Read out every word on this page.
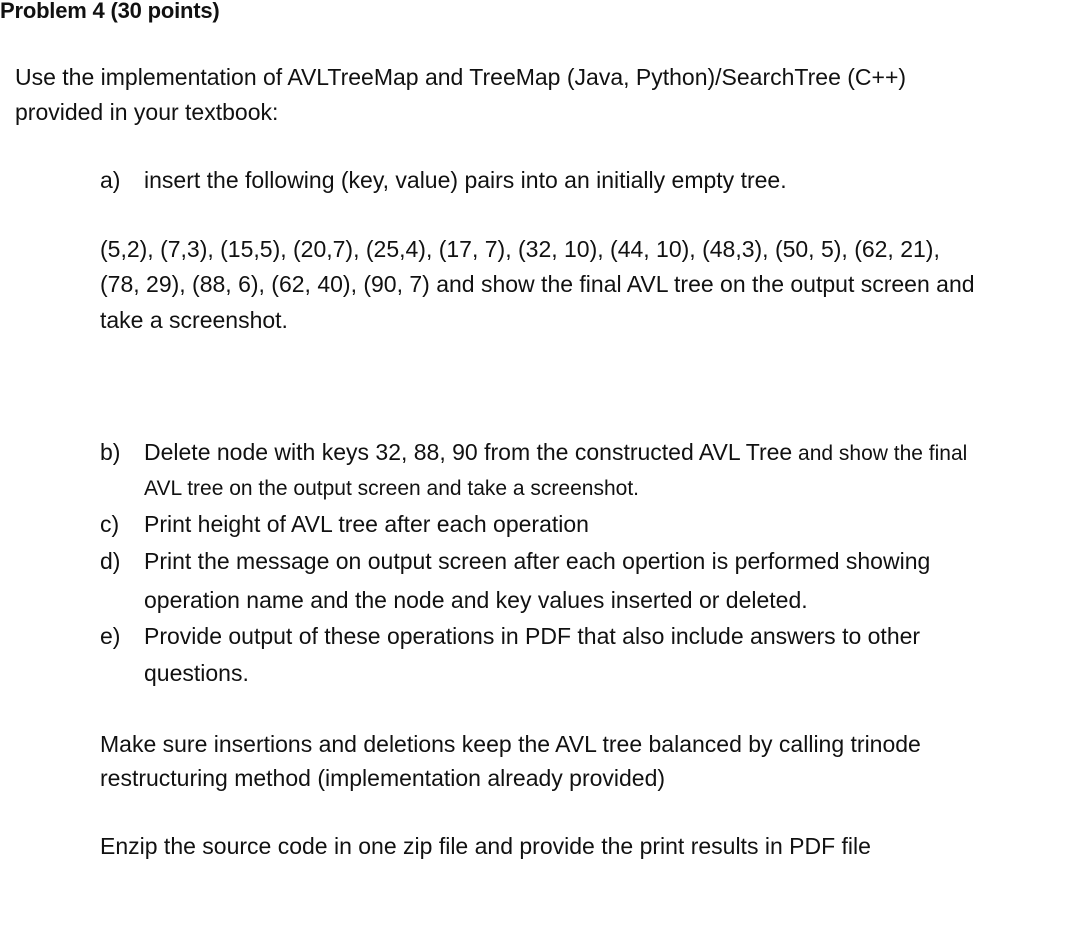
Problem 4 (30 points)
Use the implementation of AVLTreeMap and TreeMap (Java, Python)/SearchTree (C++)
provided in your textbook:
a) insert the following (key, value) pairs into an initially empty tree.
(5,2), (7,3), (15,5), (20,7), (25,4), (17, 7), (32, 10), (44, 10), (48,3), (50, 5), (62, 21),
(78, 29), (88, 6), (62, 40), (90, 7) and show the final AVL tree on the output screen and
take a screenshot.
b) Delete node with keys 32, 88, 90 from the constructed AVL Tree and show the final
AVL tree on the output screen and take a screenshot.
c) Print height of AVL tree after each operation
d) Print the message on output screen after each opertion is performed showing
operation name and the node and key values inserted or deleted.
e) Provide output of these operations in PDF that also include answers to other
questions.
Make sure insertions and deletions keep the AVL tree balanced by calling trinode
restructuring method (implementation already provided)
Enzip the source code in one zip file and provide the print results in PDF file
